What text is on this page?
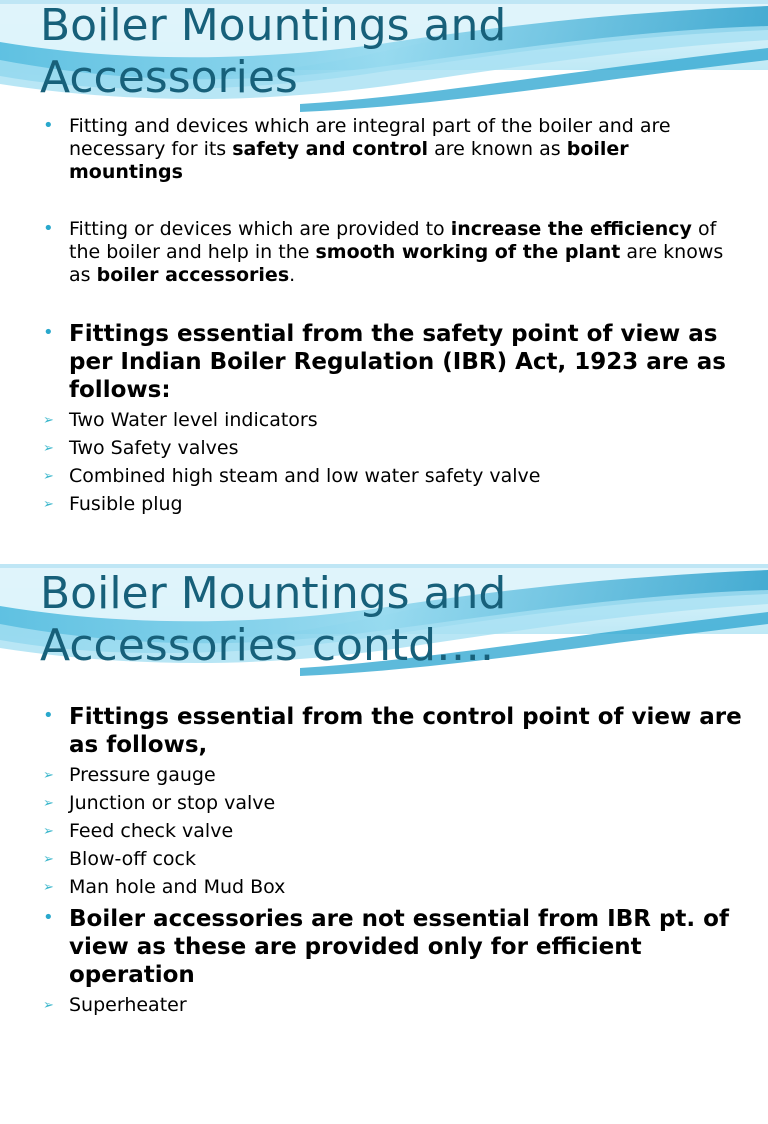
Boiler Mountings and
Accessories
• Fitting and devices which are integral part of the boiler and are necessary for its safety and control are known as boiler mountings

• Fitting or devices which are provided to increase the efficiency of the boiler and help in the smooth working of the plant are knows as boiler accessories.

• Fittings essential from the safety point of view as per Indian Boiler Regulation (IBR) Act, 1923 are as follows:

➢ Two Water level indicators

➢ Two Safety valves

➢ Combined high steam and low water safety valve

➢ Fusible plug

Boiler Mountings and
Accessories contd….
• Fittings essential from the control point of view are as follows,

➢ Pressure gauge

➢ Junction or stop valve

➢ Feed check valve

➢ Blow-off cock

➢ Man hole and Mud Box

• Boiler accessories are not essential from IBR pt. of view as these are provided only for efficient operation

➢ Superheater
